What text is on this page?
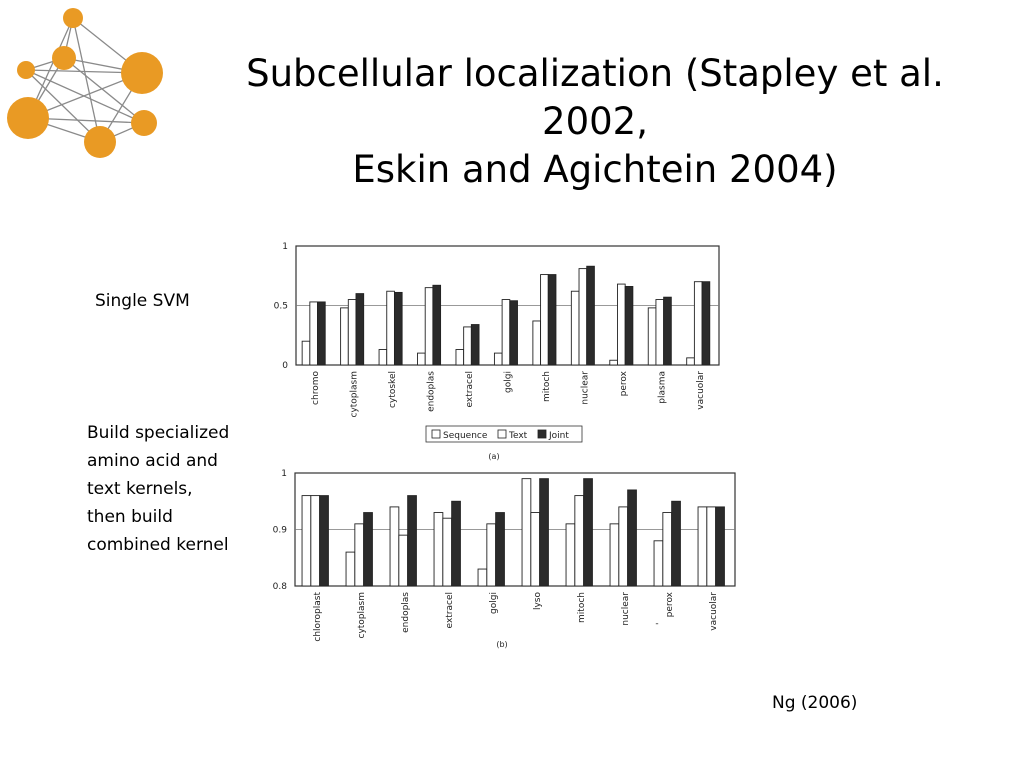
Subcellular localization (Stapley et al. 2002,
Eskin and Agichtein 2004)

Single SVM

Build specialized
amino acid and
text kernels,
then build
combined kernel

Ng (2006)
0
0.5
1
chromo	cytoplasm	cytoskel	endoplas	extracel	golgi	mitoch	nuclear	perox	plasma	vacuolar
Sequence Text Joint
(a)
0.8
0.9
1
chloroplast	cytoplasm	endoplas	extracel	golgi	lyso	mitoch	nuclear	perox
-	vacuolar
(b)
